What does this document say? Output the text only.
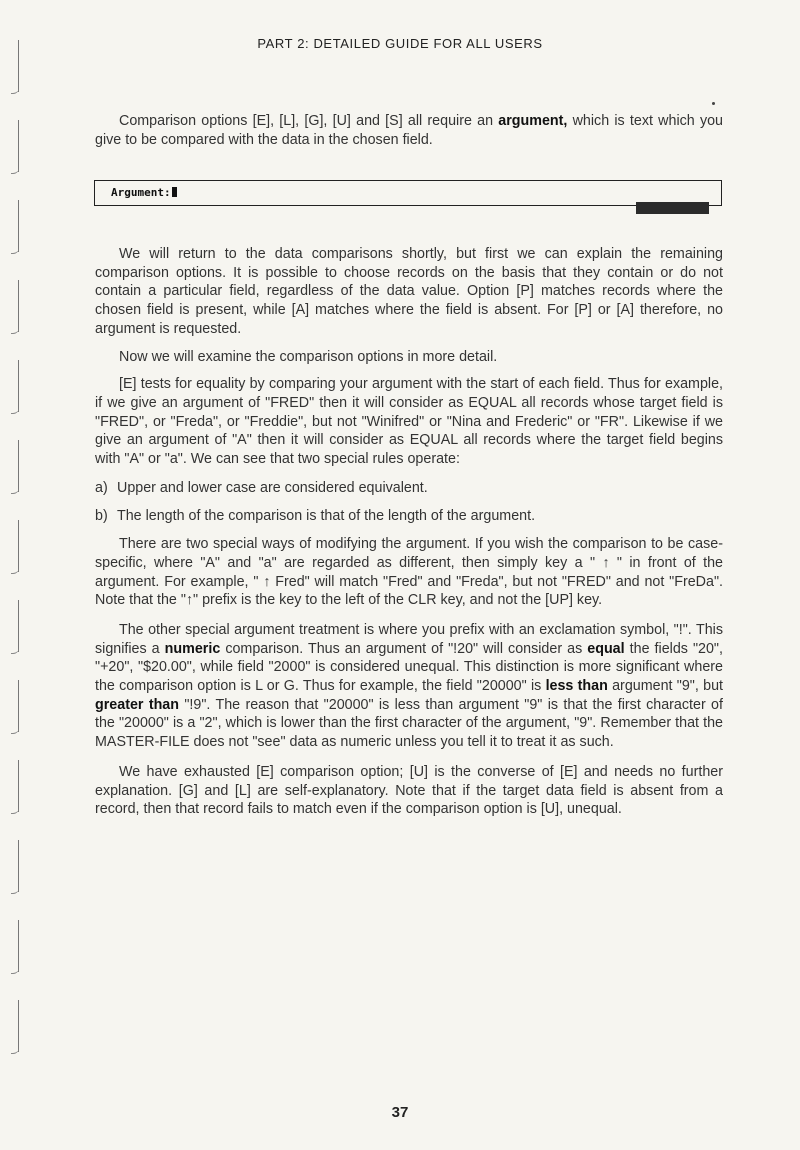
PART 2: DETAILED GUIDE FOR ALL USERS

Comparison options [E], [L], [G], [U] and [S] all require an argument, which is text which you give to be compared with the data in the chosen field.

Argument:

We will return to the data comparisons shortly, but first we can explain the remaining comparison options. It is possible to choose records on the basis that they contain or do not contain a particular field, regardless of the data value. Option [P] matches records where the chosen field is present, while [A] matches where the field is absent. For [P] or [A] therefore, no argument is requested.

Now we will examine the comparison options in more detail.

[E] tests for equality by comparing your argument with the start of each field. Thus for example, if we give an argument of "FRED" then it will consider as EQUAL all records whose target field is "FRED", or "Freda", or "Freddie", but not "Winifred" or "Nina and Frederic" or "FR". Likewise if we give an argument of "A" then it will consider as EQUAL all records where the target field begins with "A" or "a". We can see that two special rules operate:

a) Upper and lower case are considered equivalent.
b) The length of the comparison is that of the length of the argument.

There are two special ways of modifying the argument. If you wish the comparison to be case-specific, where "A" and "a" are regarded as different, then simply key a " ↑ " in front of the argument. For example, " ↑ Fred" will match "Fred" and "Freda", but not "FRED" and not "FreDa". Note that the "↑" prefix is the key to the left of the CLR key, and not the [UP] key.

The other special argument treatment is where you prefix with an exclamation symbol, "!". This signifies a numeric comparison. Thus an argument of "!20" will consider as equal the fields "20", "+20", "$20.00", while field "2000" is considered unequal. This distinction is more significant where the comparison option is L or G. Thus for example, the field "20000" is less than argument "9", but greater than "!9". The reason that "20000" is less than argument "9" is that the first character of the "20000" is a "2", which is lower than the first character of the argument, "9". Remember that the MASTER-FILE does not "see" data as numeric unless you tell it to treat it as such.

We have exhausted [E] comparison option; [U] is the converse of [E] and needs no further explanation. [G] and [L] are self-explanatory. Note that if the target data field is absent from a record, then that record fails to match even if the comparison option is [U], unequal.

37
